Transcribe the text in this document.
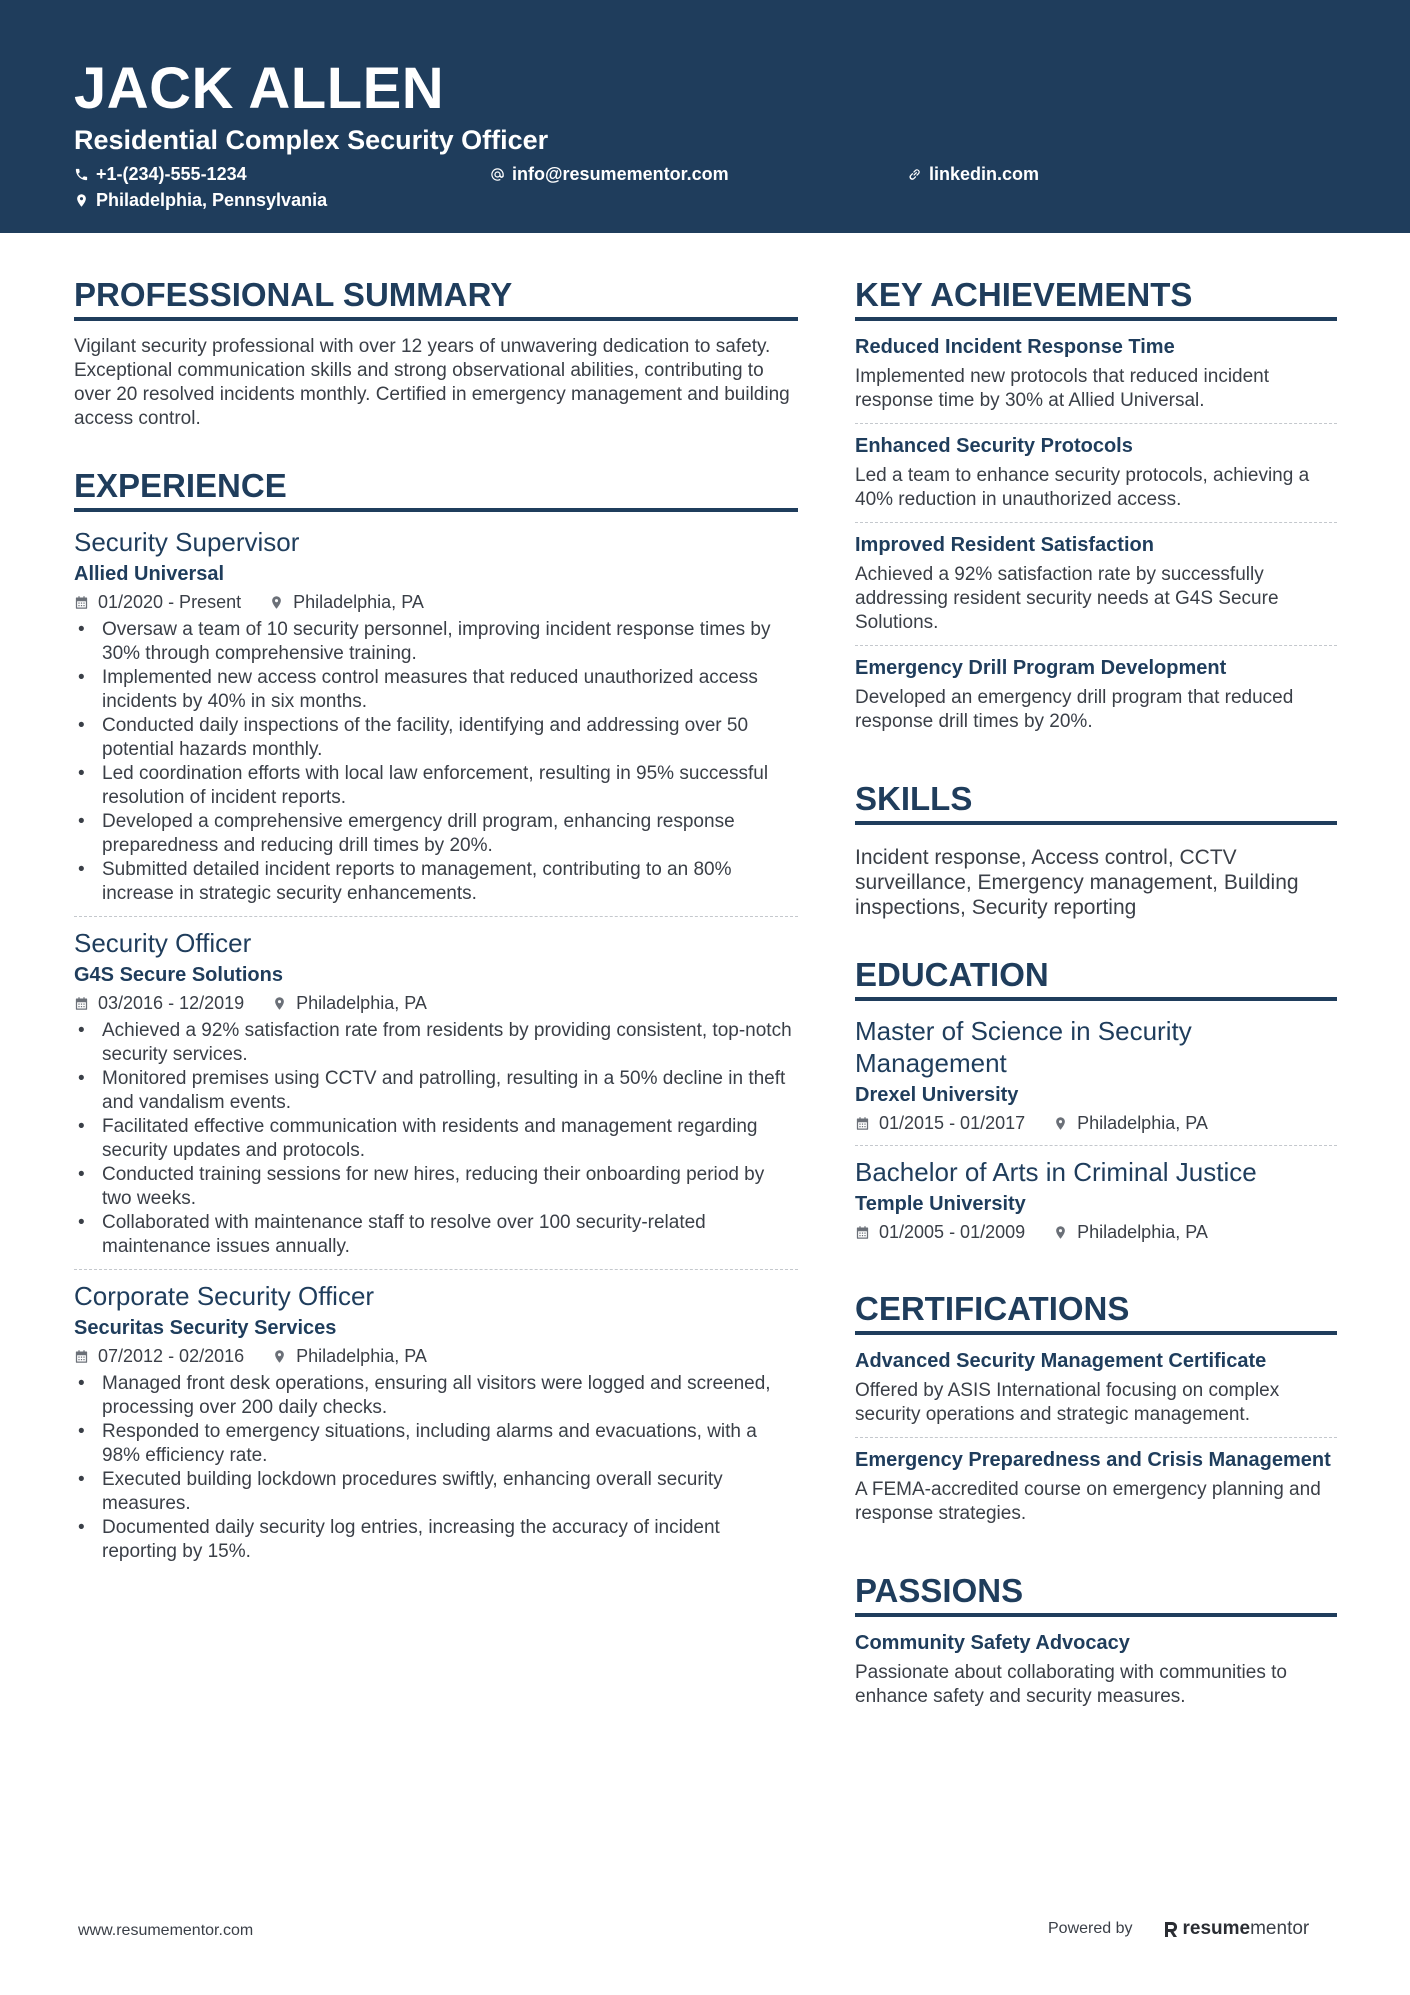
JACK ALLEN
Residential Complex Security Officer
+1-(234)-555-1234	info@resumementor.com	linkedin.com
Philadelphia, Pennsylvania
PROFESSIONAL SUMMARY
Vigilant security professional with over 12 years of unwavering dedication to safety. Exceptional communication skills and strong observational abilities, contributing to over 20 resolved incidents monthly. Certified in emergency management and building access control.
EXPERIENCE
Security Supervisor
Allied Universal
01/2020 - Present	Philadelphia, PA
• Oversaw a team of 10 security personnel, improving incident response times by 30% through comprehensive training.
• Implemented new access control measures that reduced unauthorized access incidents by 40% in six months.
• Conducted daily inspections of the facility, identifying and addressing over 50 potential hazards monthly.
• Led coordination efforts with local law enforcement, resulting in 95% successful resolution of incident reports.
• Developed a comprehensive emergency drill program, enhancing response preparedness and reducing drill times by 20%.
• Submitted detailed incident reports to management, contributing to an 80% increase in strategic security enhancements.
Security Officer
G4S Secure Solutions
03/2016 - 12/2019	Philadelphia, PA
• Achieved a 92% satisfaction rate from residents by providing consistent, top-notch security services.
• Monitored premises using CCTV and patrolling, resulting in a 50% decline in theft and vandalism events.
• Facilitated effective communication with residents and management regarding security updates and protocols.
• Conducted training sessions for new hires, reducing their onboarding period by two weeks.
• Collaborated with maintenance staff to resolve over 100 security-related maintenance issues annually.
Corporate Security Officer
Securitas Security Services
07/2012 - 02/2016	Philadelphia, PA
• Managed front desk operations, ensuring all visitors were logged and screened, processing over 200 daily checks.
• Responded to emergency situations, including alarms and evacuations, with a 98% efficiency rate.
• Executed building lockdown procedures swiftly, enhancing overall security measures.
• Documented daily security log entries, increasing the accuracy of incident reporting by 15%.
KEY ACHIEVEMENTS
Reduced Incident Response Time
Implemented new protocols that reduced incident response time by 30% at Allied Universal.
Enhanced Security Protocols
Led a team to enhance security protocols, achieving a 40% reduction in unauthorized access.
Improved Resident Satisfaction
Achieved a 92% satisfaction rate by successfully addressing resident security needs at G4S Secure Solutions.
Emergency Drill Program Development
Developed an emergency drill program that reduced response drill times by 20%.
SKILLS
Incident response, Access control, CCTV surveillance, Emergency management, Building inspections, Security reporting
EDUCATION
Master of Science in Security Management
Drexel University
01/2015 - 01/2017	Philadelphia, PA
Bachelor of Arts in Criminal Justice
Temple University
01/2005 - 01/2009	Philadelphia, PA
CERTIFICATIONS
Advanced Security Management Certificate
Offered by ASIS International focusing on complex security operations and strategic management.
Emergency Preparedness and Crisis Management
A FEMA-accredited course on emergency planning and response strategies.
PASSIONS
Community Safety Advocacy
Passionate about collaborating with communities to enhance safety and security measures.
www.resumementor.com	Powered by	resume mentor
